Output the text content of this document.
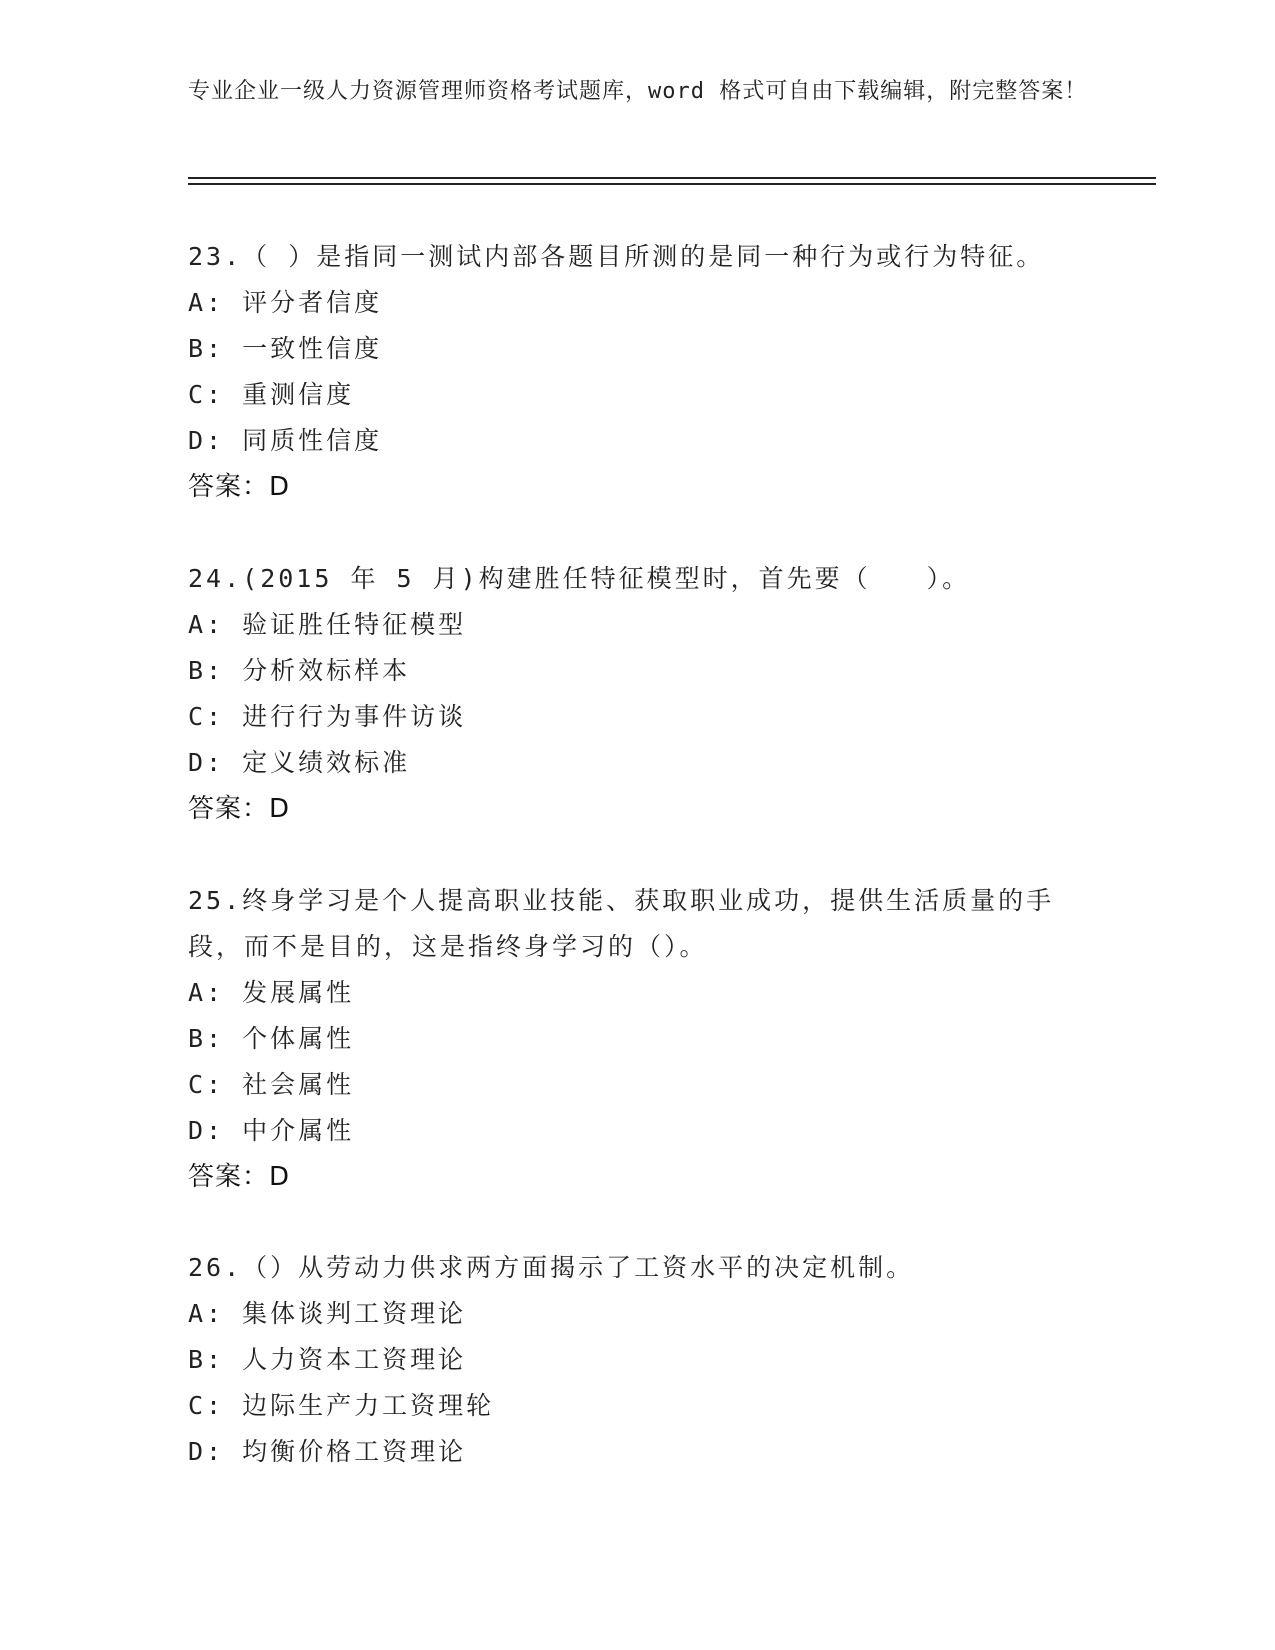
专业企业一级人力资源管理师资格考试题库，word 格式可自由下载编辑，附完整答案！

23.（ ）是指同一测试内部各题目所测的是同一种行为或行为特征。

A: 评分者信度

B: 一致性信度

C: 重测信度

D: 同质性信度

答案：D

24.(2015 年 5 月)构建胜任特征模型时，首先要（　　）。

A: 验证胜任特征模型

B: 分析效标样本

C: 进行行为事件访谈

D: 定义绩效标准

答案：D

25.终身学习是个人提高职业技能、获取职业成功，提供生活质量的手段，而不是目的，这是指终身学习的（）。

A: 发展属性

B: 个体属性

C: 社会属性

D: 中介属性

答案：D

26.（）从劳动力供求两方面揭示了工资水平的决定机制。

A: 集体谈判工资理论

B: 人力资本工资理论

C: 边际生产力工资理轮

D: 均衡价格工资理论
